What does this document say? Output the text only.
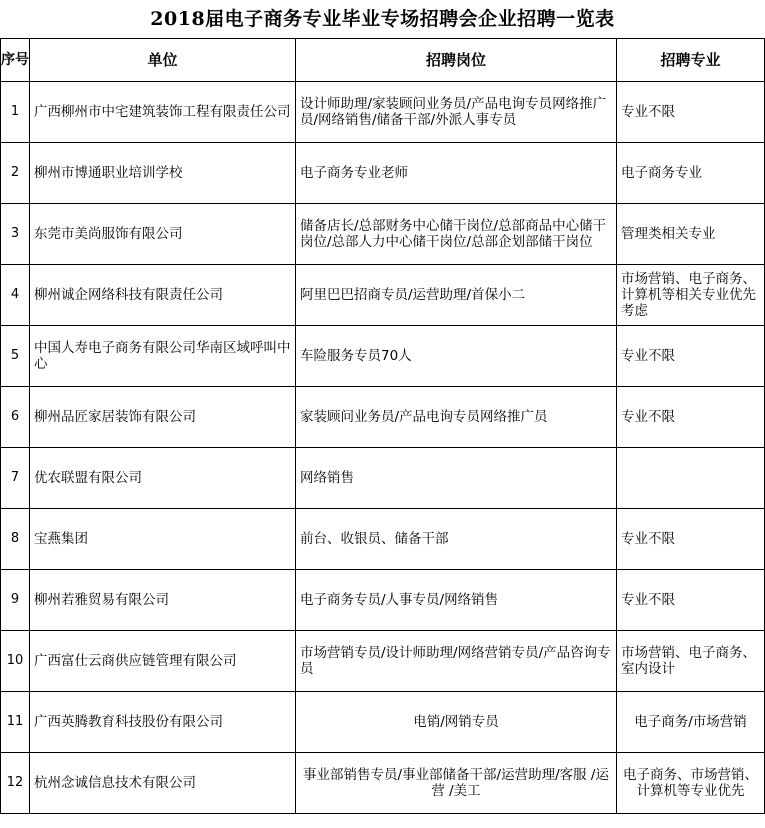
2018届电子商务专业毕业专场招聘会企业招聘一览表
序号	单位	招聘岗位	招聘专业
1	广西柳州市中宅建筑装饰工程有限责任公司	设计师助理/家装顾问业务员/产品电询专员网络推广员/网络销售/储备干部/外派人事专员	专业不限
2	柳州市博通职业培训学校	电子商务专业老师	电子商务专业
3	东莞市美尚服饰有限公司	储备店长/总部财务中心储干岗位/总部商品中心储干岗位/总部人力中心储干岗位/总部企划部储干岗位	管理类相关专业
4	柳州诚企网络科技有限责任公司	阿里巴巴招商专员/运营助理/首保小二	市场营销、电子商务、计算机等相关专业优先考虑
5	中国人寿电子商务有限公司华南区域呼叫中心	车险服务专员70人	专业不限
6	柳州品匠家居装饰有限公司	家装顾问业务员/产品电询专员网络推广员	专业不限
7	优农联盟有限公司	网络销售	
8	宝燕集团	前台、收银员、储备干部	专业不限
9	柳州若雅贸易有限公司	电子商务专员/人事专员/网络销售	专业不限
10	广西富仕云商供应链管理有限公司	市场营销专员/设计师助理/网络营销专员/产品咨询专员	市场营销、电子商务、室内设计
11	广西英腾教育科技股份有限公司	电销/网销专员	电子商务/市场营销
12	杭州念诚信息技术有限公司	事业部销售专员/事业部储备干部/运营助理/客服 /运营 /美工	电子商务、市场营销、计算机等专业优先
